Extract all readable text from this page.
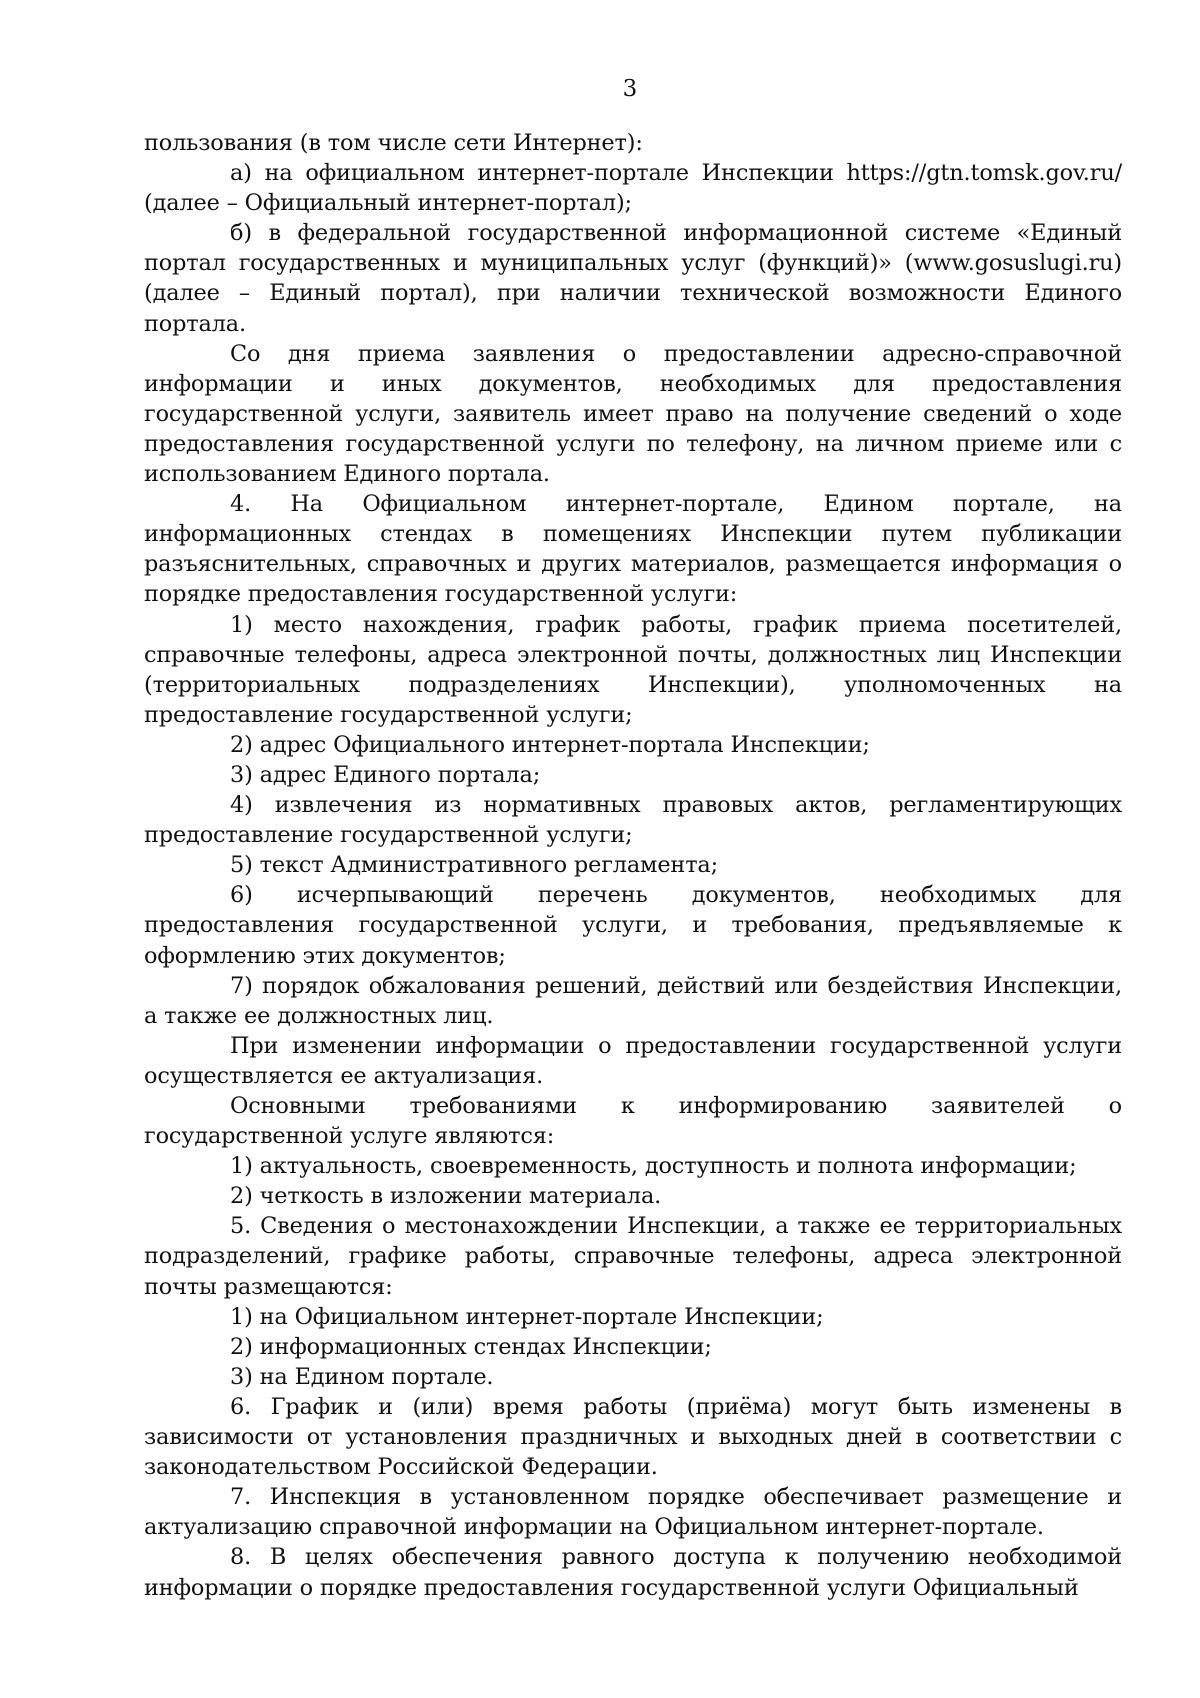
3

пользования (в том числе сети Интернет):

а) на официальном интернет-портале Инспекции https://gtn.tomsk.gov.ru/ (далее – Официальный интернет-портал);

б) в федеральной государственной информационной системе «Единый портал государственных и муниципальных услуг (функций)» (www.gosuslugi.ru) (далее – Единый портал), при наличии технической возможности Единого портала.

Со дня приема заявления о предоставлении адресно-справочной информации и иных документов, необходимых для предоставления государственной услуги, заявитель имеет право на получение сведений о ходе предоставления государственной услуги по телефону, на личном приеме или с использованием Единого портала.

4. На Официальном интернет-портале, Едином портале, на информационных стендах в помещениях Инспекции путем публикации разъяснительных, справочных и других материалов, размещается информация о порядке предоставления государственной услуги:

1) место нахождения, график работы, график приема посетителей, справочные телефоны, адреса электронной почты, должностных лиц Инспекции (территориальных подразделениях Инспекции), уполномоченных на предоставление государственной услуги;

2) адрес Официального интернет-портала Инспекции;

3) адрес Единого портала;

4) извлечения из нормативных правовых актов, регламентирующих предоставление государственной услуги;

5) текст Административного регламента;

6) исчерпывающий перечень документов, необходимых для предоставления государственной услуги, и требования, предъявляемые к оформлению этих документов;

7) порядок обжалования решений, действий или бездействия Инспекции, а также ее должностных лиц.

При изменении информации о предоставлении государственной услуги осуществляется ее актуализация.

Основными требованиями к информированию заявителей о государственной услуге являются:

1) актуальность, своевременность, доступность и полнота информации;

2) четкость в изложении материала.

5. Сведения о местонахождении Инспекции, а также ее территориальных подразделений, графике работы, справочные телефоны, адреса электронной почты размещаются:

1) на Официальном интернет-портале Инспекции;

2) информационных стендах Инспекции;

3) на Едином портале.

6. График и (или) время работы (приёма) могут быть изменены в зависимости от установления праздничных и выходных дней в соответствии с законодательством Российской Федерации.

7. Инспекция в установленном порядке обеспечивает размещение и актуализацию справочной информации на Официальном интернет-портале.

8. В целях обеспечения равного доступа к получению необходимой информации о порядке предоставления государственной услуги Официальный
